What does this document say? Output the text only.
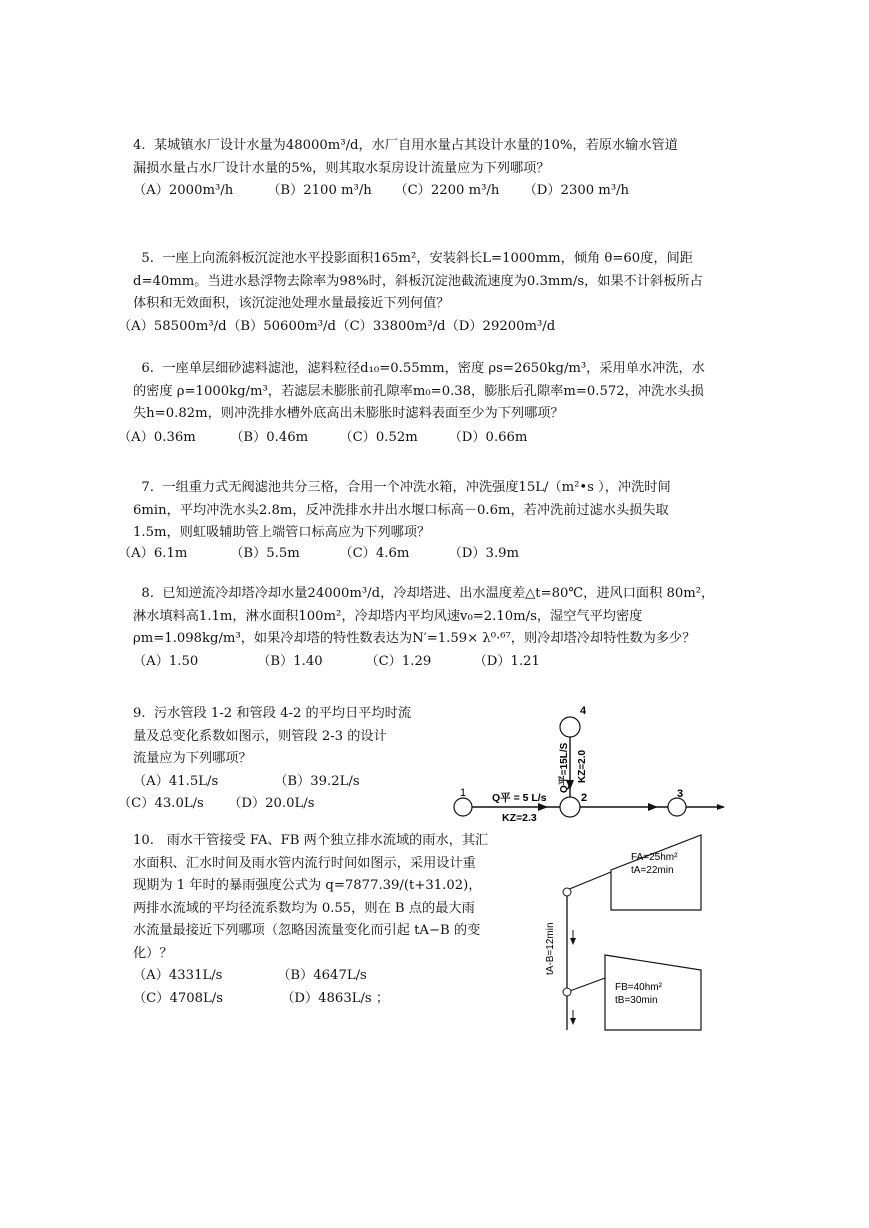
4. 某城镇水厂设计水量为48000m³/d，水厂自用水量占其设计水量的10%，若原水输水管道

漏损水量占水厂设计水量的5%，则其取水泵房设计流量应为下列哪项？

（A）2000m³/h	（B）2100 m³/h （C）2200 m³/h （D）2300 m³/h

5. 一座上向流斜板沉淀池水平投影面积165m²，安装斜长L=1000mm，倾角 θ=60度，间距

d=40mm。当进水悬浮物去除率为98%时，斜板沉淀池截流速度为0.3mm/s，如果不计斜板所占

体积和无效面积，该沉淀池处理水量最接近下列何值？

（A）58500m³/d （B）50600m³/d （C）33800m³/d （D）29200m³/d

6. 一座单层细砂滤料滤池，滤料粒径d₁₀=0.55mm，密度 ρs=2650kg/m³，采用单水冲洗，水

的密度 ρ=1000kg/m³，若滤层未膨胀前孔隙率m₀=0.38，膨胀后孔隙率m=0.572，冲洗水头损

失h=0.82m，则冲洗排水槽外底高出未膨胀时滤料表面至少为下列哪项？

（A）0.36m	（B）0.46m （C）0.52m （D）0.66m

7. 一组重力式无阀滤池共分三格，合用一个冲洗水箱，冲洗强度15L/（m²•s ），冲洗时间

6min，平均冲洗水头2.8m，反冲洗排水井出水堰口标高－0.6m，若冲洗前过滤水头损失取

1.5m，则虹吸辅助管上端管口标高应为下列哪项？

（A）6.1m	（B）5.5m	（C）4.6m	（D）3.9m

8. 已知逆流冷却塔冷却水量24000m³/d，冷却塔进、出水温度差△t=80℃，进风口面积 80m²，

淋水填料高1.1m，淋水面积100m²，冷却塔内平均风速v₀=2.10m/s，湿空气平均密度

ρm=1.098kg/m³，如果冷却塔的特性数表达为N′=1.59× λ⁰·⁶⁷，则冷却塔冷却特性数为多少？

（A）1.50	（B）1.40	（C）1.29	（D）1.21

9. 污水管段 1-2 和管段 4-2 的平均日平均时流

量及总变化系数如图示，则管段 2-3 的设计

流量应为下列哪项？

（A）41.5L/s	（B）39.2L/s

（C）43.0L/s （D）20.0L/s
1	2	3
4
Q平 = 5 L/s
KZ=2.3
Q平=15L/S KZ=2.0

10. 雨水干管接受 FA、FB 两个独立排水流域的雨水，其汇

水面积、汇水时间及雨水管内流行时间如图示，采用设计重

现期为 1 年时的暴雨强度公式为 q=7877.39/(t+31.02)，

两排水流域的平均径流系数均为 0.55，则在 B 点的最大雨

水流量最接近下列哪项（忽略因流量变化而引起 tA−B 的变

化）？

（A）4331L/s	（B）4647L/s

（C）4708L/s	（D）4863L/s ；

FA=25hm²
tA=22min
FB=40hm²
tB=30min
tA-B=12min
